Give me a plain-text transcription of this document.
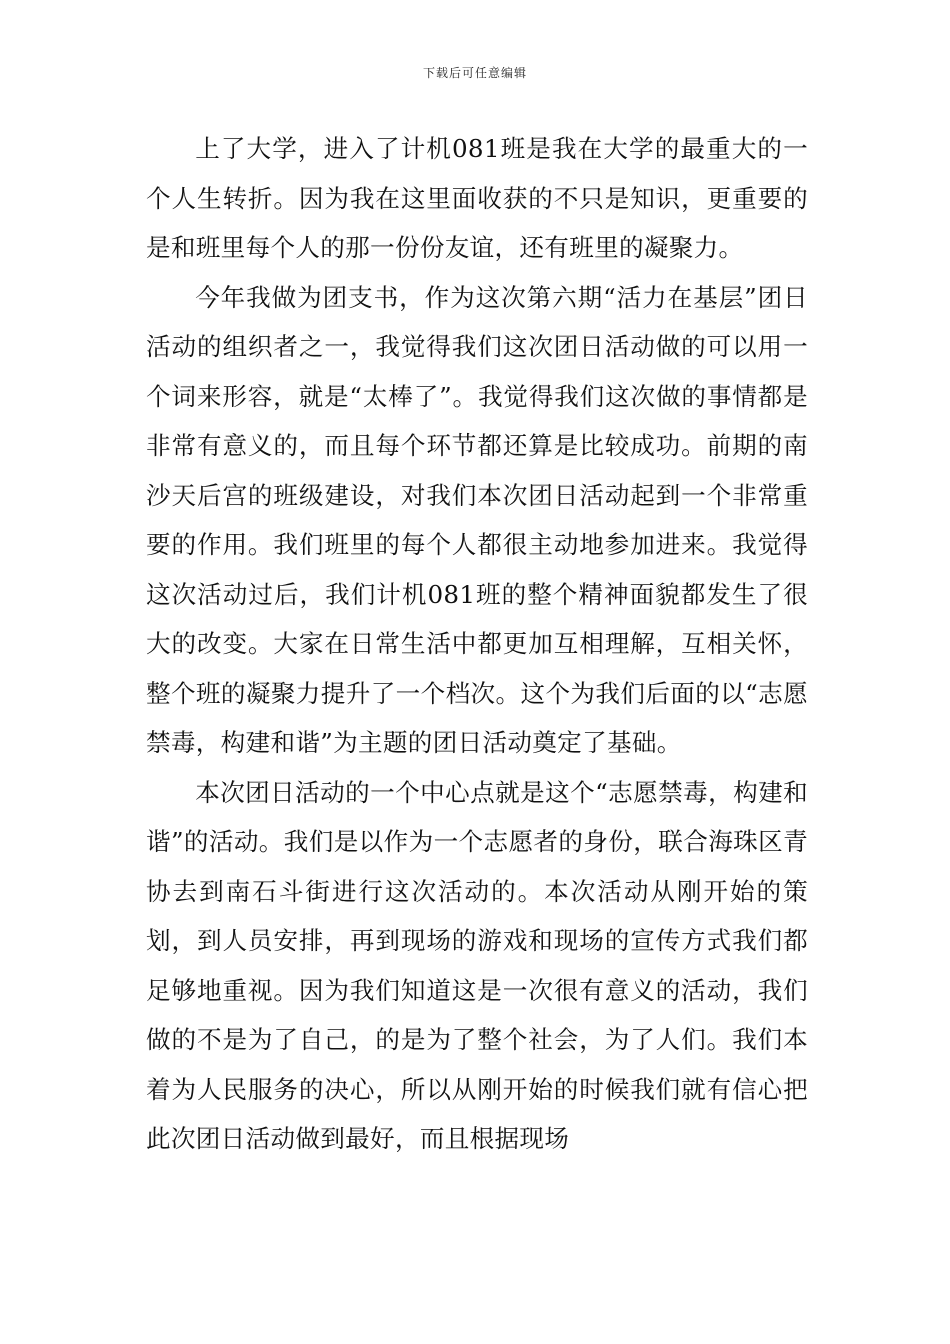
下载后可任意编辑

上了大学，进入了计机081班是我在大学的最重大的一个人生转折。因为我在这里面收获的不只是知识，更重要的是和班里每个人的那一份份友谊，还有班里的凝聚力。

今年我做为团支书，作为这次第六期“活力在基层”团日活动的组织者之一，我觉得我们这次团日活动做的可以用一个词来形容，就是“太棒了”。我觉得我们这次做的事情都是非常有意义的，而且每个环节都还算是比较成功。前期的南沙天后宫的班级建设，对我们本次团日活动起到一个非常重要的作用。我们班里的每个人都很主动地参加进来。我觉得这次活动过后，我们计机081班的整个精神面貌都发生了很大的改变。大家在日常生活中都更加互相理解，互相关怀，整个班的凝聚力提升了一个档次。这个为我们后面的以“志愿禁毒，构建和谐”为主题的团日活动奠定了基础。

本次团日活动的一个中心点就是这个“志愿禁毒，构建和谐”的活动。我们是以作为一个志愿者的身份，联合海珠区青协去到南石斗街进行这次活动的。本次活动从刚开始的策划，到人员安排，再到现场的游戏和现场的宣传方式我们都足够地重视。因为我们知道这是一次很有意义的活动，我们做的不是为了自己，的是为了整个社会，为了人们。我们本着为人民服务的决心，所以从刚开始的时候我们就有信心把此次团日活动做到最好，而且根据现场
